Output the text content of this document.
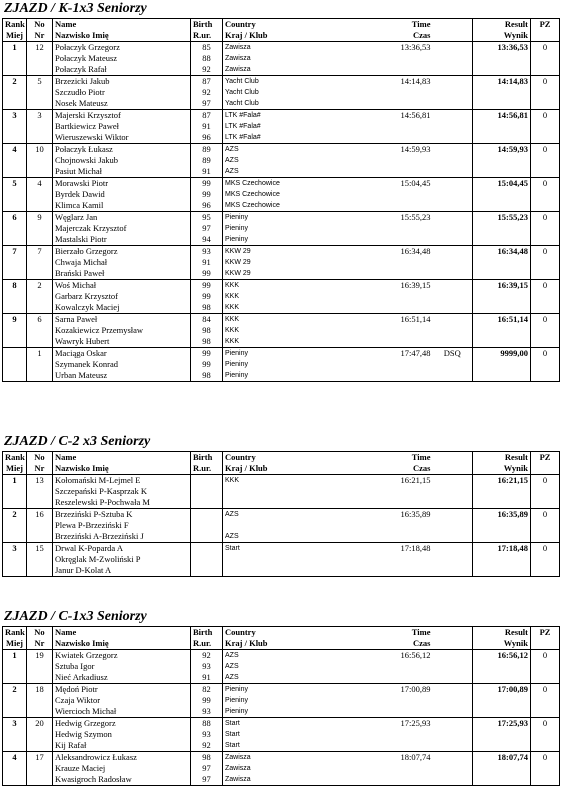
ZJAZD / K-1x3 Seniorzy
Rank	No	Name	Birth	Country	Time		Result	PZ
Miej	Nr	Nazwisko Imię	R.ur.	Kraj / Klub	Czas		Wynik	
1	12	Połaczyk Grzegorz	85	Zawisza	13:36,53		13:36,53	0
		Połaczyk Mateusz	88	Zawisza				
		Połaczyk Rafał	92	Zawisza				
2	5	Brzezicki Jakub	87	Yacht Club	14:14,83		14:14,83	0
		Szczudło Piotr	92	Yacht Club				
		Nosek Mateusz	97	Yacht Club				
3	3	Majerski Krzysztof	87	LTK #Fala#	14:56,81		14:56,81	0
		Bartkiewicz Paweł	91	LTK #Fala#				
		Wieruszewski Wiktor	96	LTK #Fala#				
4	10	Połaczyk Łukasz	89	AZS	14:59,93		14:59,93	0
		Chojnowski Jakub	89	AZS				
		Pasiut Michał	91	AZS				
5	4	Morawski Piotr	99	MKS Czechowice	15:04,45		15:04,45	0
		Byrdek Dawid	99	MKS Czechowice				
		Klimca Kamil	96	MKS Czechowice				
6	9	Węglarz Jan	95	Pieniny	15:55,23		15:55,23	0
		Majerczak Krzysztof	97	Pieniny				
		Mastalski Piotr	94	Pieniny				
7	7	Bierzało Grzegorz	93	KKW 29	16:34,48		16:34,48	0
		Chwaja Michał	91	KKW 29				
		Brański Paweł	99	KKW 29				
8	2	Woś Michał	99	KKK	16:39,15		16:39,15	0
		Garbarz Krzysztof	99	KKK				
		Kowalczyk Maciej	98	KKK				
9	6	Sarna Paweł	84	KKK	16:51,14		16:51,14	0
		Kozakiewicz Przemysław	98	KKK				
		Wawryk Hubert	98	KKK				
	1	Maciąga Oskar	99	Pieniny	17:47,48	DSQ	9999,00	0
		Szymanek Konrad	99	Pieniny				
		Urban Mateusz	98	Pieniny				
ZJAZD / C-2 x3 Seniorzy
Rank	No	Name	Birth	Country	Time		Result	PZ
Miej	Nr	Nazwisko Imię	R.ur.	Kraj / Klub	Czas		Wynik	
1	13	Kołomański M-Lejmel E		KKK	16:21,15		16:21,15	0
		Szczepański P-Kasprzak K						
		Reszelewski P-Pochwała M						
2	16	Brzeziński P-Sztuba K		AZS	16:35,89		16:35,89	0
		Plewa P-Brzeziński F						
		Brzeziński A-Brzeziński J		AZS				
3	15	Drwal K-Poparda A		Start	17:18,48		17:18,48	0
		Okręglak M-Zwoliński P						
		Janur D-Kolat A						
ZJAZD / C-1x3 Seniorzy
Rank	No	Name	Birth	Country	Time		Result	PZ
Miej	Nr	Nazwisko Imię	R.ur.	Kraj / Klub	Czas		Wynik	
1	19	Kwiatek Grzegorz	92	AZS	16:56,12		16:56,12	0
		Sztuba Igor	93	AZS				
		Nieć Arkadiusz	91	AZS				
2	18	Mędoń Piotr	82	Pieniny	17:00,89		17:00,89	0
		Czaja Wiktor	99	Pieniny				
		Wiercioch Michał	93	Pieniny				
3	20	Hedwig Grzegorz	88	Start	17:25,93		17:25,93	0
		Hedwig Szymon	93	Start				
		Kij Rafał	92	Start				
4	17	Aleksandrowicz Łukasz	98	Zawisza	18:07,74		18:07,74	0
		Krauze Maciej	97	Zawisza				
		Kwasigroch Radosław	97	Zawisza				
